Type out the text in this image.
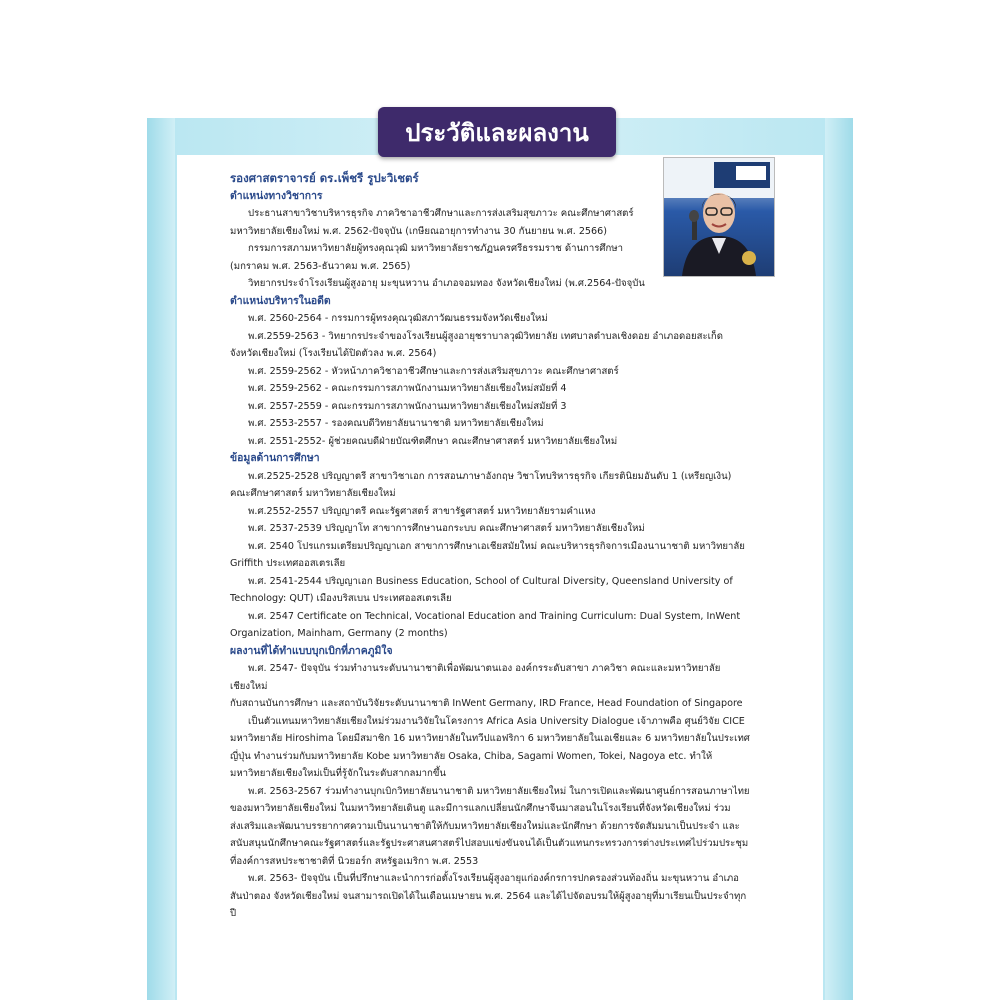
ประวัติและผลงาน

รองศาสตราจารย์ ดร.เพ็ชรี รูปะวิเชตร์

ตำแหน่งทางวิชาการ

ประธานสาขาวิชาบริหารธุรกิจ ภาควิชาอาชีวศึกษาและการส่งเสริมสุขภาวะ คณะศึกษาศาสตร์

มหาวิทยาลัยเชียงใหม่ พ.ศ. 2562-ปัจจุบัน (เกษียณอายุการทำงาน 30 กันยายน พ.ศ. 2566)

กรรมการสภามหาวิทยาลัยผู้ทรงคุณวุฒิ มหาวิทยาลัยราชภัฏนครศรีธรรมราช ด้านการศึกษา

(มกราคม พ.ศ. 2563-ธันวาคม พ.ศ. 2565)

วิทยากรประจำโรงเรียนผู้สูงอายุ มะขุนหวาน อำเภอจอมทอง จังหวัดเชียงใหม่ (พ.ศ.2564-ปัจจุบัน

ตำแหน่งบริหารในอดีต

พ.ศ. 2560-2564 - กรรมการผู้ทรงคุณวุฒิสภาวัฒนธรรมจังหวัดเชียงใหม่

พ.ศ.2559-2563 - วิทยากรประจำของโรงเรียนผู้สูงอายุชราบาลวุฒิวิทยาลัย เทศบาลตำบลเชิงดอย อำเภอดอยสะเก็ด

จังหวัดเชียงใหม่ (โรงเรียนได้ปิดตัวลง พ.ศ. 2564)

พ.ศ. 2559-2562 - หัวหน้าภาควิชาอาชีวศึกษาและการส่งเสริมสุขภาวะ คณะศึกษาศาสตร์

พ.ศ. 2559-2562 - คณะกรรมการสภาพนักงานมหาวิทยาลัยเชียงใหม่สมัยที่ 4

พ.ศ. 2557-2559 - คณะกรรมการสภาพนักงานมหาวิทยาลัยเชียงใหม่สมัยที่ 3

พ.ศ. 2553-2557 - รองคณบดีวิทยาลัยนานาชาติ มหาวิทยาลัยเชียงใหม่

พ.ศ. 2551-2552- ผู้ช่วยคณบดีฝ่ายบัณฑิตศึกษา คณะศึกษาศาสตร์ มหาวิทยาลัยเชียงใหม่

ข้อมูลด้านการศึกษา

พ.ศ.2525-2528 ปริญญาตรี สาขาวิชาเอก การสอนภาษาอังกฤษ วิชาโทบริหารธุรกิจ เกียรตินิยมอันดับ 1 (เหรียญเงิน)

คณะศึกษาศาสตร์ มหาวิทยาลัยเชียงใหม่

พ.ศ.2552-2557 ปริญญาตรี คณะรัฐศาสตร์ สาขารัฐศาสตร์ มหาวิทยาลัยรามคำแหง

พ.ศ. 2537-2539 ปริญญาโท สาขาการศึกษานอกระบบ คณะศึกษาศาสตร์ มหาวิทยาลัยเชียงใหม่

พ.ศ. 2540 โปรแกรมเตรียมปริญญาเอก สาขาการศึกษาเอเชียสมัยใหม่ คณะบริหารธุรกิจการเมืองนานาชาติ มหาวิทยาลัย

Griffith ประเทศออสเตรเลีย

พ.ศ. 2541-2544 ปริญญาเอก Business Education, School of Cultural Diversity, Queensland University of

Technology: QUT) เมืองบริสเบน ประเทศออสเตรเลีย

พ.ศ. 2547 Certificate on Technical, Vocational Education and Training Curriculum: Dual System, InWent

Organization, Mainham, Germany (2 months)

ผลงานที่ได้ทำแบบบุกเบิกที่ภาคภูมิใจ

พ.ศ. 2547- ปัจจุบัน ร่วมทำงานระดับนานาชาติเพื่อพัฒนาตนเอง องค์กรระดับสาขา ภาควิชา คณะและมหาวิทยาลัยเชียงใหม่

กับสถานบันการศึกษา และสถาบันวิจัยระดับนานาชาติ InWent Germany, IRD France, Head Foundation of Singapore

เป็นตัวแทนมหาวิทยาลัยเชียงใหม่ร่วมงานวิจัยในโครงการ Africa Asia University Dialogue เจ้าภาพคือ ศูนย์วิจัย CICE

มหาวิทยาลัย Hiroshima โดยมีสมาชิก 16 มหาวิทยาลัยในทวีปแอฟริกา 6 มหาวิทยาลัยในเอเชียและ 6 มหาวิทยาลัยในประเทศ

ญี่ปุ่น ทำงานร่วมกับมหาวิทยาลัย Kobe มหาวิทยาลัย Osaka, Chiba, Sagami Women, Tokei, Nagoya etc. ทำให้

มหาวิทยาลัยเชียงใหม่เป็นที่รู้จักในระดับสากลมากขึ้น

พ.ศ. 2563-2567 ร่วมทำงานบุกเบิกวิทยาลัยนานาชาติ มหาวิทยาลัยเชียงใหม่ ในการเปิดและพัฒนาศูนย์การสอนภาษาไทย

ของมหาวิทยาลัยเชียงใหม่ ในมหาวิทยาลัยเดินตู และมีการแลกเปลี่ยนนักศึกษาจีนมาสอนในโรงเรียนที่จังหวัดเชียงใหม่ ร่วม

ส่งเสริมและพัฒนาบรรยากาศความเป็นนานาชาติให้กับมหาวิทยาลัยเชียงใหม่และนักศึกษา ด้วยการจัดสัมมนาเป็นประจำ และ

สนับสนุนนักศึกษาคณะรัฐศาสตร์และรัฐประศาสนศาสตร์ไปสอบแข่งขันจนได้เป็นตัวแทนกระทรวงการต่างประเทศไปร่วมประชุม

ที่องค์การสหประชาชาติที่ นิวยอร์ก สหรัฐอเมริกา พ.ศ. 2553

พ.ศ. 2563- ปัจจุบัน เป็นที่ปรึกษาและนำการก่อตั้งโรงเรียนผู้สูงอายุแก่องค์กรการปกครองส่วนท้องถิ่น มะขุนหวาน อำเภอ

สันป่าตอง จังหวัดเชียงใหม่ จนสามารถเปิดได้ในเดือนเมษายน พ.ศ. 2564 และได้ไปจัดอบรมให้ผู้สูงอายุที่มาเรียนเป็นประจำทุกปี
